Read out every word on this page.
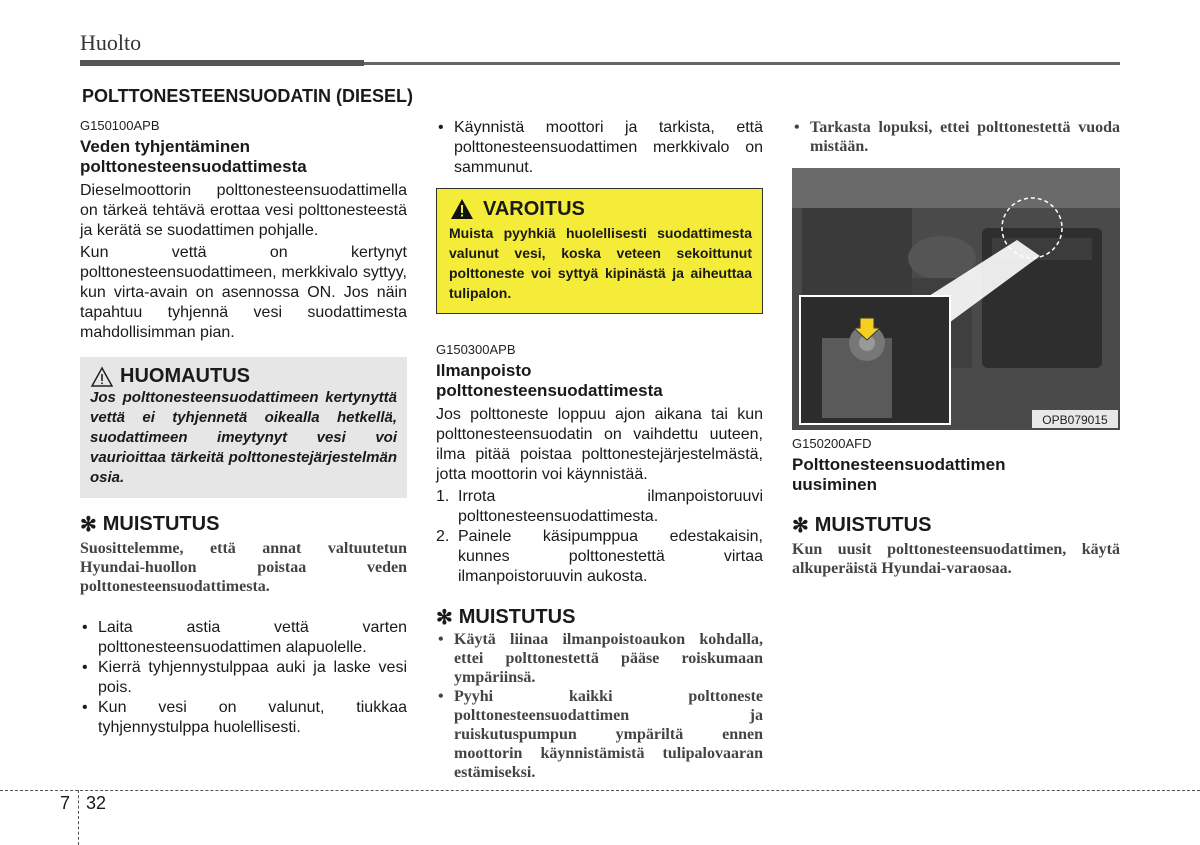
Huolto
POLTTONESTEENSUODATIN (DIESEL)
G150100APB
Veden tyhjentäminen polttonesteensuodattimesta
Dieselmoottorin polttonesteensuodattimella on tärkeä tehtävä erottaa vesi polttonesteestä ja kerätä se suodattimen pohjalle.
Kun vettä on kertynyt polttonesteensuodattimeen, merkkivalo syttyy, kun virta-avain on asennossa ON. Jos näin tapahtuu tyhjennä vesi suodattimesta mahdollisimman pian.
HUOMAUTUS
Jos polttonesteensuodattimeen kertynyttä vettä ei tyhjennetä oikealla hetkellä, suodattimeen imeytynyt vesi voi vaurioittaa tärkeitä polttonestejärjestelmän osia.
✻ MUISTUTUS
Suosittelemme, että annat valtuutetun Hyundai-huollon poistaa veden polttonesteensuodattimesta.
• Laita astia vettä varten polttonesteensuodattimen alapuolelle.
• Kierrä tyhjennystulppaa auki ja laske vesi pois.
• Kun vesi on valunut, tiukkaa tyhjennystulppa huolellisesti.
• Käynnistä moottori ja tarkista, että polttonesteensuodattimen merkkivalo on sammunut.
VAROITUS
Muista pyyhkiä huolellisesti suodattimesta valunut vesi, koska veteen sekoittunut polttoneste voi syttyä kipinästä ja aiheuttaa tulipalon.
G150300APB
Ilmanpoisto polttonesteensuodattimesta
Jos polttoneste loppuu ajon aikana tai kun polttonesteensuodatin on vaihdettu uuteen, ilma pitää poistaa polttonestejärjestelmästä, jotta moottorin voi käynnistää.
1. Irrota ilmanpoistoruuvi polttonesteensuodattimesta.
2. Painele käsipumppua edestakaisin, kunnes polttonestettä virtaa ilmanpoistoruuvin aukosta.
✻ MUISTUTUS
• Käytä liinaa ilmanpoistoaukon kohdalla, ettei polttonestettä pääse roiskumaan ympäriinsä.
• Pyyhi kaikki polttoneste polttonesteensuodattimen ja ruiskutuspumpun ympäriltä ennen moottorin käynnistämistä tulipalovaaran estämiseksi.
• Tarkasta lopuksi, ettei polttonestettä vuoda mistään.
OPB079015
G150200AFD
Polttonesteensuodattimen uusiminen
✻ MUISTUTUS
Kun uusit polttonesteensuodattimen, käytä alkuperäistä Hyundai-varaosaa.
7 32
